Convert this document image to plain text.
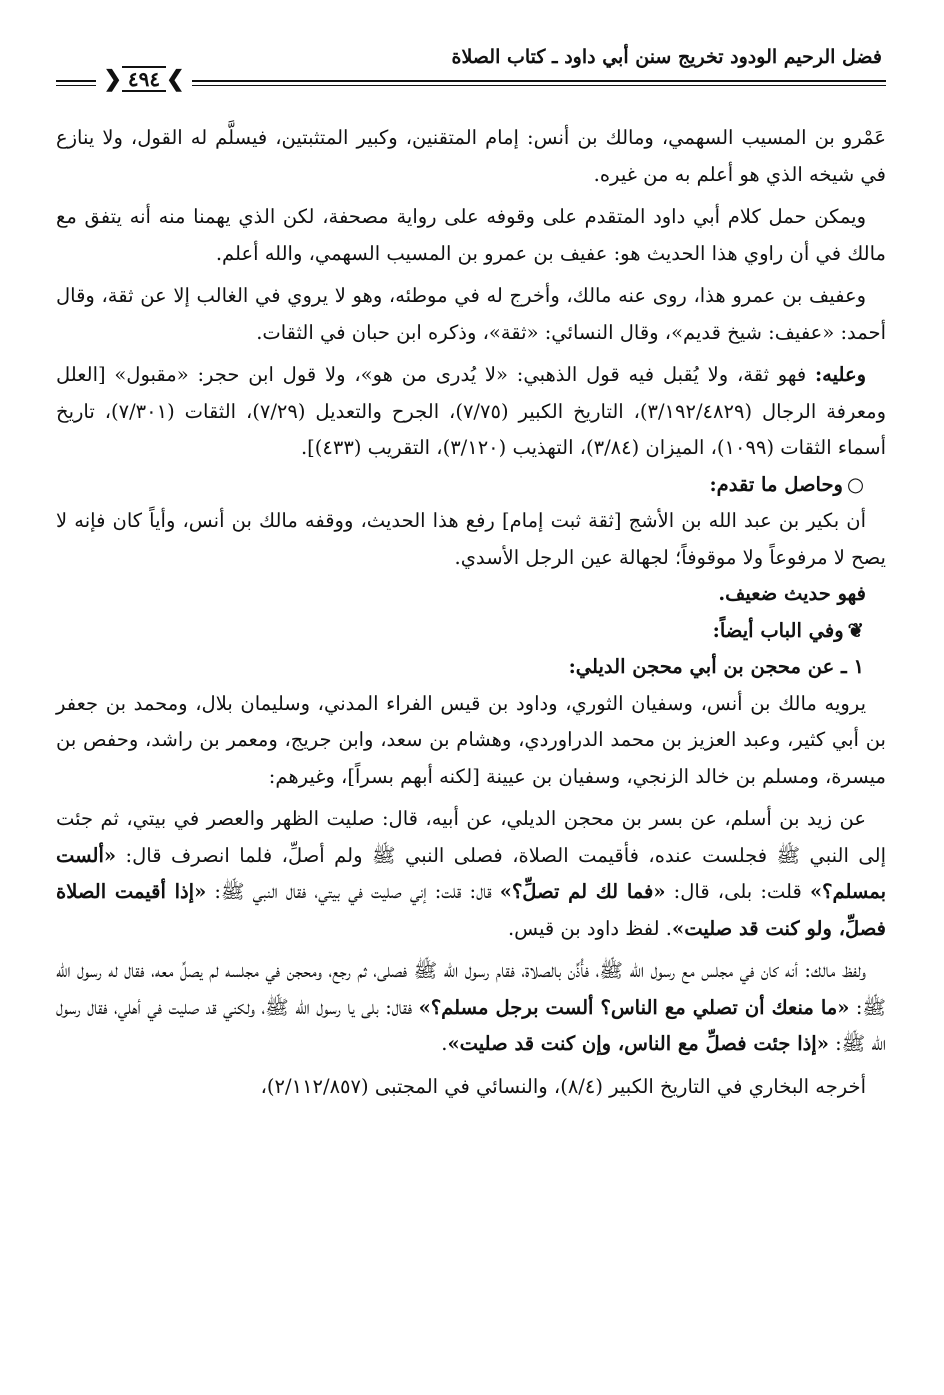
فضل الرحيم الودود تخريج سنن أبي داود ـ كتاب الصلاة
❯
٤٩٤
❮

عَمْرو بن المسيب السهمي، ومالك بن أنس: إمام المتقنين، وكبير المتثبتين، فيسلَّم له القول، ولا ينازع في شيخه الذي هو أعلم به من غيره.

ويمكن حمل كلام أبي داود المتقدم على وقوفه على رواية مصحفة، لكن الذي يهمنا منه أنه يتفق مع مالك في أن راوي هذا الحديث هو: عفيف بن عمرو بن المسيب السهمي، والله أعلم.

وعفيف بن عمرو هذا، روى عنه مالك، وأخرج له في موطئه، وهو لا يروي في الغالب إلا عن ثقة، وقال أحمد: «عفيف: شيخ قديم»، وقال النسائي: «ثقة»، وذكره ابن حبان في الثقات.

وعليه: فهو ثقة، ولا يُقبل فيه قول الذهبي: «لا يُدرى من هو»، ولا قول ابن حجر: «مقبول» [العلل ومعرفة الرجال (٣/١٩٢/٤٨٢٩)، التاريخ الكبير (٧/٧٥)، الجرح والتعديل (٧/٢٩)، الثقات (٧/٣٠١)، تاريخ أسماء الثقات (١٠٩٩)، الميزان (٣/٨٤)، التهذيب (٣/١٢٠)، التقريب (٤٣٣)].

○وحاصل ما تقدم:

أن بكير بن عبد الله بن الأشج [ثقة ثبت إمام] رفع هذا الحديث، ووقفه مالك بن أنس، وأياً كان فإنه لا يصح لا مرفوعاً ولا موقوفاً؛ لجهالة عين الرجل الأسدي.

فهو حديث ضعيف.

❦وفي الباب أيضاً:

١ ـ عن محجن بن أبي محجن الديلي:

يرويه مالك بن أنس، وسفيان الثوري، وداود بن قيس الفراء المدني، وسليمان بلال، ومحمد بن جعفر بن أبي كثير، وعبد العزيز بن محمد الدراوردي، وهشام بن سعد، وابن جريج، ومعمر بن راشد، وحفص بن ميسرة، ومسلم بن خالد الزنجي، وسفيان بن عيينة [لكنه أبهم بسراً]، وغيرهم:

عن زيد بن أسلم، عن بسر بن محجن الديلي، عن أبيه، قال: صليت الظهر والعصر في بيتي، ثم جئت إلى النبي ﷺ فجلست عنده، فأقيمت الصلاة، فصلى النبي ﷺ ولم أصلِّ، فلما انصرف قال: «ألست بمسلم؟» قلت: بلى، قال: «فما لك لم تصلِّ؟» قال: قلت: إني صليت في بيتي، فقال النبي ﷺ: «إذا أقيمت الصلاة فصلِّ، ولو كنت قد صليت». لفظ داود بن قيس.

ولفظ مالك: أنه كان في مجلس مع رسول الله ﷺ، فأُذِّن بالصلاة، فقام رسول الله ﷺ فصلى، ثم رجع، ومحجن في مجلسه لم يصلِّ معه، فقال له رسول الله ﷺ: «ما منعك أن تصلي مع الناس؟ ألست برجل مسلم؟» فقال: بلى يا رسول الله ﷺ، ولكني قد صليت في أهلي، فقال رسول الله ﷺ: «إذا جئت فصلِّ مع الناس، وإن كنت قد صليت».

أخرجه البخاري في التاريخ الكبير (٨/٤)، والنسائي في المجتبى (٢/١١٢/٨٥٧)،
